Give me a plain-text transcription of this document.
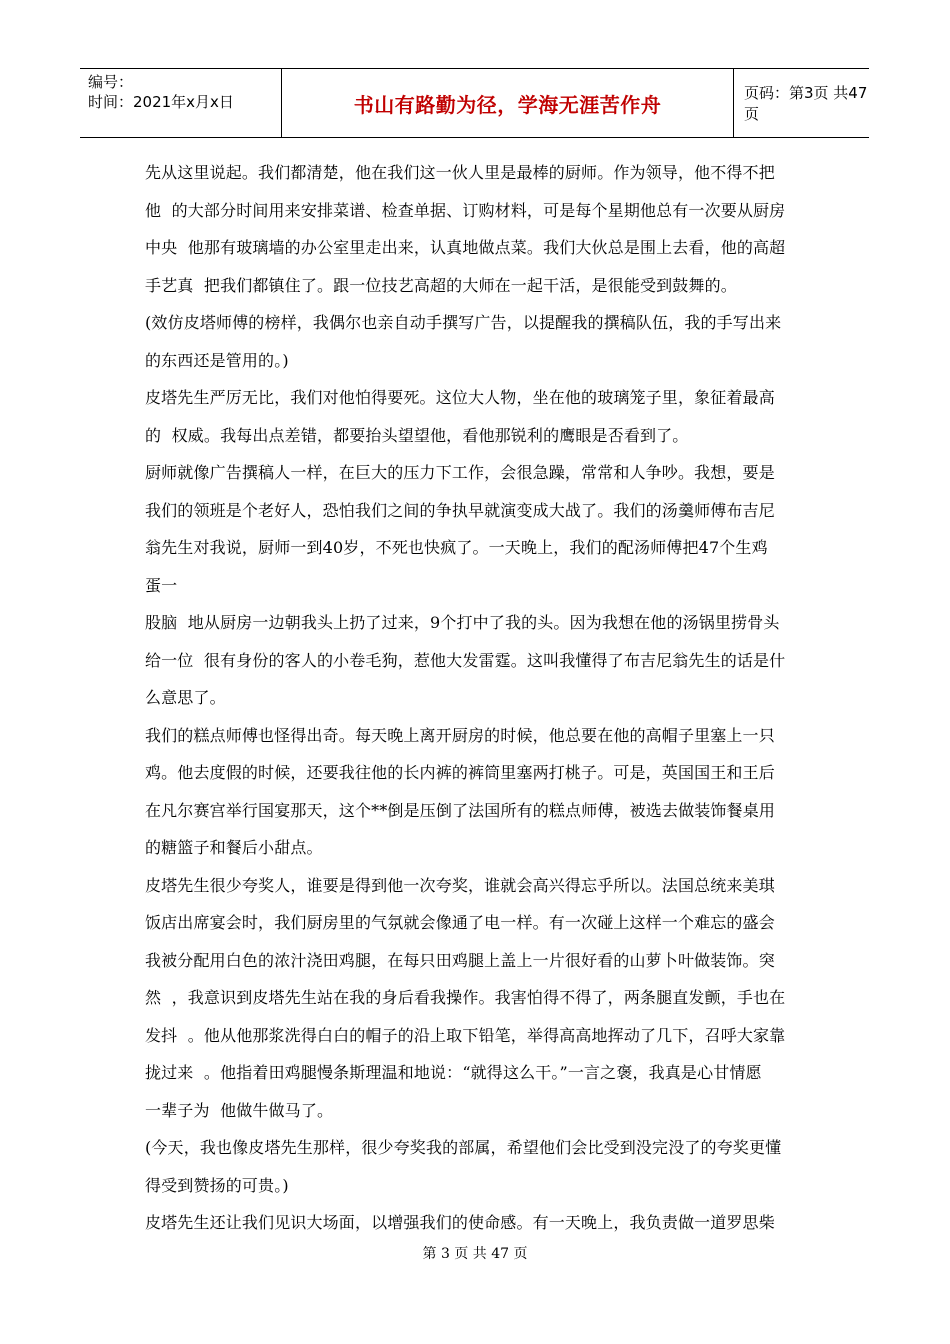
编号：
时间：2021年x月x日	书山有路勤为径，学海无涯苦作舟	页码：第3页 共47页
先从这里说起。我们都清楚，他在我们这一伙人里是最棒的厨师。作为领导，他不得不把
他  的大部分时间用来安排菜谱、检查单据、订购材料，可是每个星期他总有一次要从厨房
中央  他那有玻璃墙的办公室里走出来，认真地做点菜。我们大伙总是围上去看，他的高超
手艺真  把我们都镇住了。跟一位技艺高超的大师在一起干活，是很能受到鼓舞的。
(效仿皮塔师傅的榜样，我偶尔也亲自动手撰写广告，以提醒我的撰稿队伍，我的手写出来
的东西还是管用的。)
皮塔先生严厉无比，我们对他怕得要死。这位大人物，坐在他的玻璃笼子里，象征着最高
的  权威。我每出点差错，都要抬头望望他，看他那锐利的鹰眼是否看到了。
厨师就像广告撰稿人一样，在巨大的压力下工作，会很急躁，常常和人争吵。我想，要是
我们的领班是个老好人，恐怕我们之间的争执早就演变成大战了。我们的汤羹师傅布吉尼
翁先生对我说，厨师一到40岁，不死也快疯了。一天晚上，我们的配汤师傅把47个生鸡
蛋一
股脑  地从厨房一边朝我头上扔了过来，9个打中了我的头。因为我想在他的汤锅里捞骨头
给一位  很有身份的客人的小卷毛狗，惹他大发雷霆。这叫我懂得了布吉尼翁先生的话是什
么意思了。
我们的糕点师傅也怪得出奇。每天晚上离开厨房的时候，他总要在他的高帽子里塞上一只
鸡。他去度假的时候，还要我往他的长内裤的裤筒里塞两打桃子。可是，英国国王和王后
在凡尔赛宫举行国宴那天，这个**倒是压倒了法国所有的糕点师傅，被选去做装饰餐桌用
的糖篮子和餐后小甜点。
皮塔先生很少夸奖人，谁要是得到他一次夸奖，谁就会高兴得忘乎所以。法国总统来美琪
饭店出席宴会时，我们厨房里的气氛就会像通了电一样。有一次碰上这样一个难忘的盛会
我被分配用白色的浓汁浇田鸡腿，在每只田鸡腿上盖上一片很好看的山萝卜叶做装饰。突
然  ，我意识到皮塔先生站在我的身后看我操作。我害怕得不得了，两条腿直发颤，手也在
发抖  。他从他那浆洗得白白的帽子的沿上取下铅笔，举得高高地挥动了几下，召呼大家靠
拢过来  。他指着田鸡腿慢条斯理温和地说：“就得这么干。”一言之褒，我真是心甘情愿
一辈子为  他做牛做马了。
(今天，我也像皮塔先生那样，很少夸奖我的部属，希望他们会比受到没完没了的夸奖更懂
得受到赞扬的可贵。)
皮塔先生还让我们见识大场面，以增强我们的使命感。有一天晚上，我负责做一道罗思柴
第 3 页 共 47 页
